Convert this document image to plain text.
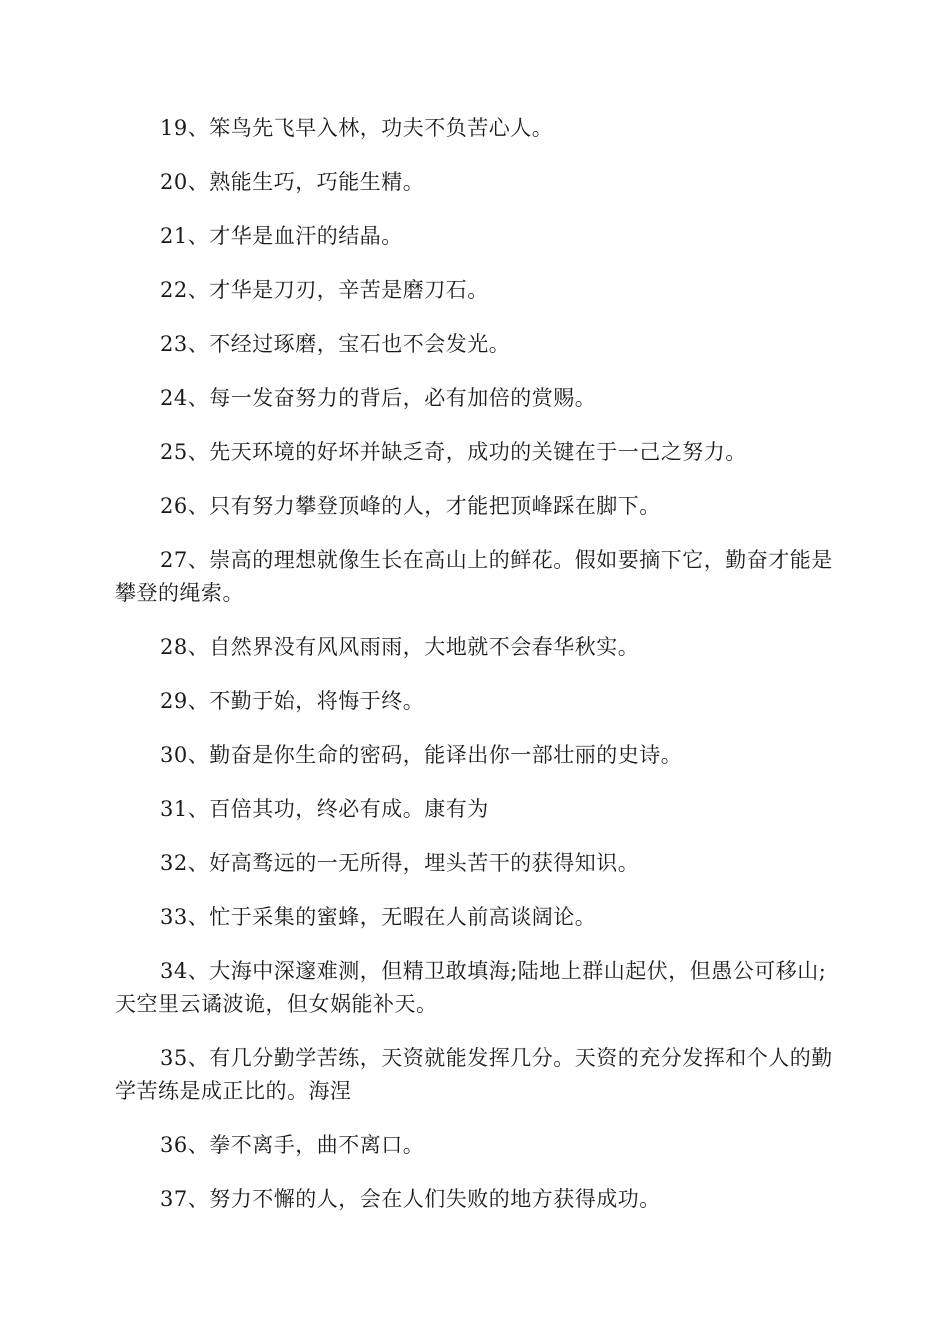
19、笨鸟先飞早入林，功夫不负苦心人。

20、熟能生巧，巧能生精。

21、才华是血汗的结晶。

22、才华是刀刃，辛苦是磨刀石。

23、不经过琢磨，宝石也不会发光。

24、每一发奋努力的背后，必有加倍的赏赐。

25、先天环境的好坏并缺乏奇，成功的关键在于一己之努力。

26、只有努力攀登顶峰的人，才能把顶峰踩在脚下。

27、崇高的理想就像生长在高山上的鲜花。假如要摘下它，勤奋才能是攀登的绳索。

28、自然界没有风风雨雨，大地就不会春华秋实。

29、不勤于始，将悔于终。

30、勤奋是你生命的密码，能译出你一部壮丽的史诗。

31、百倍其功，终必有成。康有为

32、好高骛远的一无所得，埋头苦干的获得知识。

33、忙于采集的蜜蜂，无暇在人前高谈阔论。

34、大海中深邃难测，但精卫敢填海;陆地上群山起伏，但愚公可移山;天空里云谲波诡，但女娲能补天。

35、有几分勤学苦练，天资就能发挥几分。天资的充分发挥和个人的勤学苦练是成正比的。海涅

36、拳不离手，曲不离口。

37、努力不懈的人，会在人们失败的地方获得成功。
